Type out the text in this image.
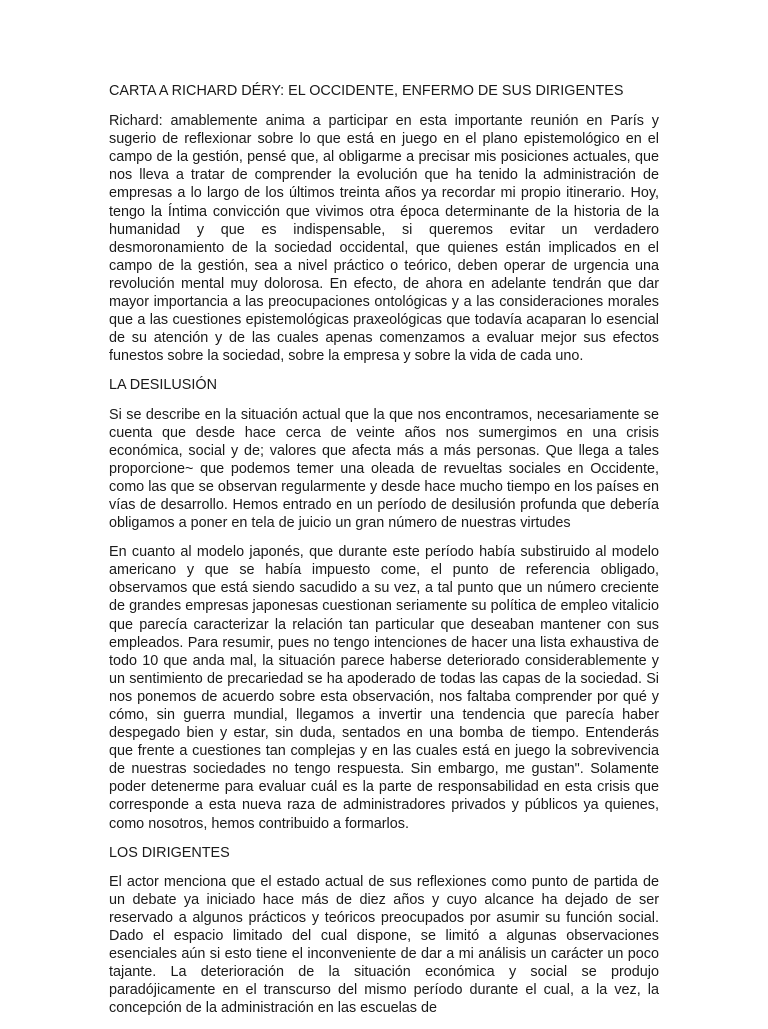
CARTA A RICHARD DÉRY: EL OCCIDENTE, ENFERMO DE SUS DIRIGENTES

Richard: amablemente anima a participar en esta importante reunión en París y sugerio de reflexionar sobre lo que está en juego en el plano epistemológico en el campo de la gestión, pensé que, al obligarme a precisar mis posiciones actuales, que nos lleva a tratar de comprender la evolución que ha tenido la administración de empresas a lo largo de los últimos treinta años ya recordar mi propio itinerario. Hoy, tengo la Íntima convicción que vivimos otra época determinante de la historia de la humanidad y que es indispensable, si queremos evitar un verdadero desmoronamiento de la sociedad occidental, que quienes están implicados en el campo de la gestión, sea a nivel práctico o teórico, deben operar de urgencia una revolución mental muy dolorosa. En efecto, de ahora en adelante tendrán que dar mayor importancia a las preocupaciones ontológicas y a las consideraciones morales que a las cuestiones epistemológicas praxeológicas que todavía acaparan lo esencial de su atención y de las cuales apenas comenzamos a evaluar mejor sus efectos funestos sobre la sociedad, sobre la empresa y sobre la vida de cada uno.

LA DESILUSIÓN

Si se describe en la situación actual que la que nos encontramos, necesariamente se cuenta que desde hace cerca de veinte años nos sumergimos en una crisis económica, social y de; valores que afecta más a más personas. Que llega a tales proporcione~ que podemos temer una oleada de revueltas sociales en Occidente, como las que se observan regularmente y desde hace mucho tiempo en los países en vías de desarrollo. Hemos entrado en un período de desilusión profunda que debería obligamos a poner en tela de juicio un gran número de nuestras virtudes

En cuanto al modelo japonés, que durante este período había substiruido al modelo americano y que se había impuesto come, el punto de referencia obligado, observamos que está siendo sacudido a su vez, a tal punto que un número creciente de grandes empresas japonesas cuestionan seriamente su política de empleo vitalicio que parecía caracterizar la relación tan particular que deseaban mantener con sus empleados. Para resumir, pues no tengo intenciones de hacer una lista exhaustiva de todo 10 que anda mal, la situación parece haberse deteriorado considerablemente y un sentimiento de precariedad se ha apoderado de todas las capas de la sociedad. Si nos ponemos de acuerdo sobre esta observación, nos faltaba comprender por qué y cómo, sin guerra mundial, llegamos a invertir una tendencia que parecía haber despegado bien y estar, sin duda, sentados en una bomba de tiempo. Entenderás que frente a cuestiones tan complejas y en las cuales está en juego la sobrevivencia de nuestras sociedades no tengo respuesta. Sin embargo, me gustan". Solamente poder detenerme para evaluar cuál es la parte de responsabilidad en esta crisis que corresponde a esta nueva raza de administradores privados y públicos ya quienes, como nosotros, hemos contribuido a formarlos.

LOS DIRIGENTES

El actor menciona que el estado actual de sus reflexiones como punto de partida de un debate ya iniciado hace más de diez años y cuyo alcance ha dejado de ser reservado a algunos prácticos y teóricos preocupados por asumir su función social. Dado el espacio limitado del cual dispone, se limitó a algunas observaciones esenciales aún si esto tiene el inconveniente de dar a mi análisis un carácter un poco tajante. La deterioración de la situación económica y social se produjo paradójicamente en el transcurso del mismo período durante el cual, a la vez, la concepción de la administración en las escuelas de
